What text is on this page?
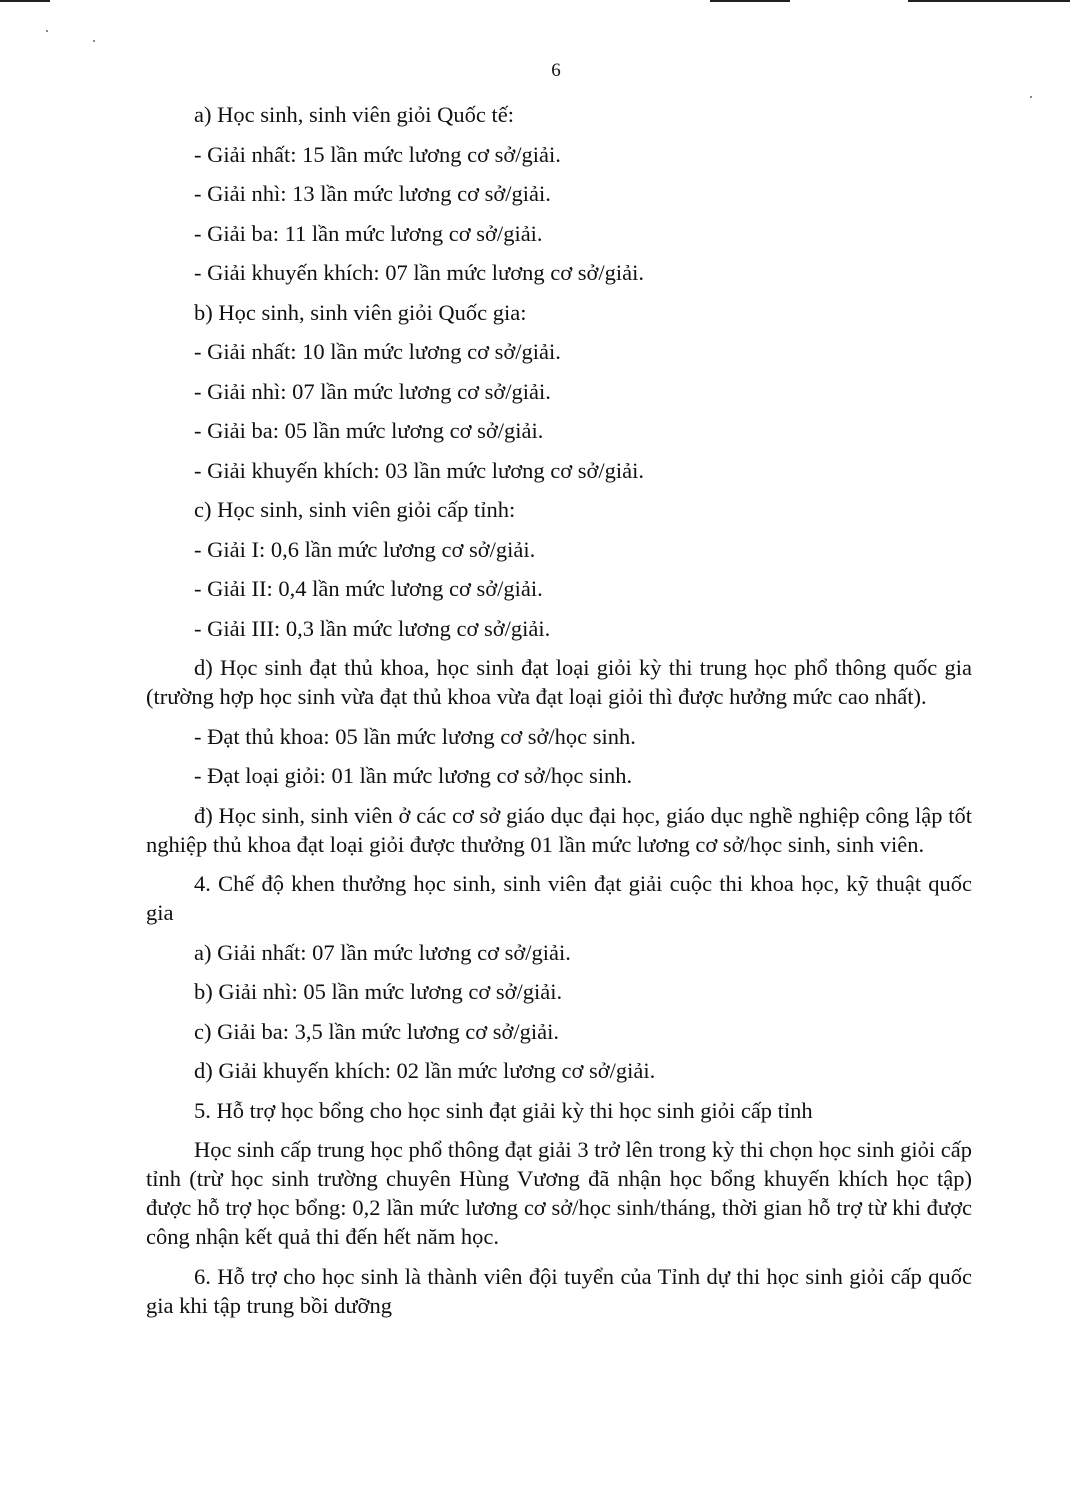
6

a) Học sinh, sinh viên giỏi Quốc tế:

- Giải nhất: 15 lần mức lương cơ sở/giải.

- Giải nhì: 13 lần mức lương cơ sở/giải.

- Giải ba: 11 lần mức lương cơ sở/giải.

- Giải khuyến khích: 07 lần mức lương cơ sở/giải.

b) Học sinh, sinh viên giỏi Quốc gia:

- Giải nhất: 10 lần mức lương cơ sở/giải.

- Giải nhì: 07 lần mức lương cơ sở/giải.

- Giải ba: 05 lần mức lương cơ sở/giải.

- Giải khuyến khích: 03 lần mức lương cơ sở/giải.

c) Học sinh, sinh viên giỏi cấp tỉnh:

- Giải I: 0,6 lần mức lương cơ sở/giải.

- Giải II: 0,4 lần mức lương cơ sở/giải.

- Giải III: 0,3 lần mức lương cơ sở/giải.

d) Học sinh đạt thủ khoa, học sinh đạt loại giỏi kỳ thi trung học phổ thông quốc gia (trường hợp học sinh vừa đạt thủ khoa vừa đạt loại giỏi thì được hưởng mức cao nhất).

- Đạt thủ khoa: 05 lần mức lương cơ sở/học sinh.

- Đạt loại giỏi: 01 lần mức lương cơ sở/học sinh.

đ) Học sinh, sinh viên ở các cơ sở giáo dục đại học, giáo dục nghề nghiệp công lập tốt nghiệp thủ khoa đạt loại giỏi được thưởng 01 lần mức lương cơ sở/học sinh, sinh viên.

4. Chế độ khen thưởng học sinh, sinh viên đạt giải cuộc thi khoa học, kỹ thuật quốc gia

a) Giải nhất: 07 lần mức lương cơ sở/giải.

b) Giải nhì: 05 lần mức lương cơ sở/giải.

c) Giải ba: 3,5 lần mức lương cơ sở/giải.

d) Giải khuyến khích: 02 lần mức lương cơ sở/giải.

5. Hỗ trợ học bổng cho học sinh đạt giải kỳ thi học sinh giỏi cấp tỉnh

Học sinh cấp trung học phổ thông đạt giải 3 trở lên trong kỳ thi chọn học sinh giỏi cấp tỉnh (trừ học sinh trường chuyên Hùng Vương đã nhận học bổng khuyến khích học tập) được hỗ trợ học bổng: 0,2 lần mức lương cơ sở/học sinh/tháng, thời gian hỗ trợ từ khi được công nhận kết quả thi đến hết năm học.

6. Hỗ trợ cho học sinh là thành viên đội tuyển của Tỉnh dự thi học sinh giỏi cấp quốc gia khi tập trung bồi dưỡng
